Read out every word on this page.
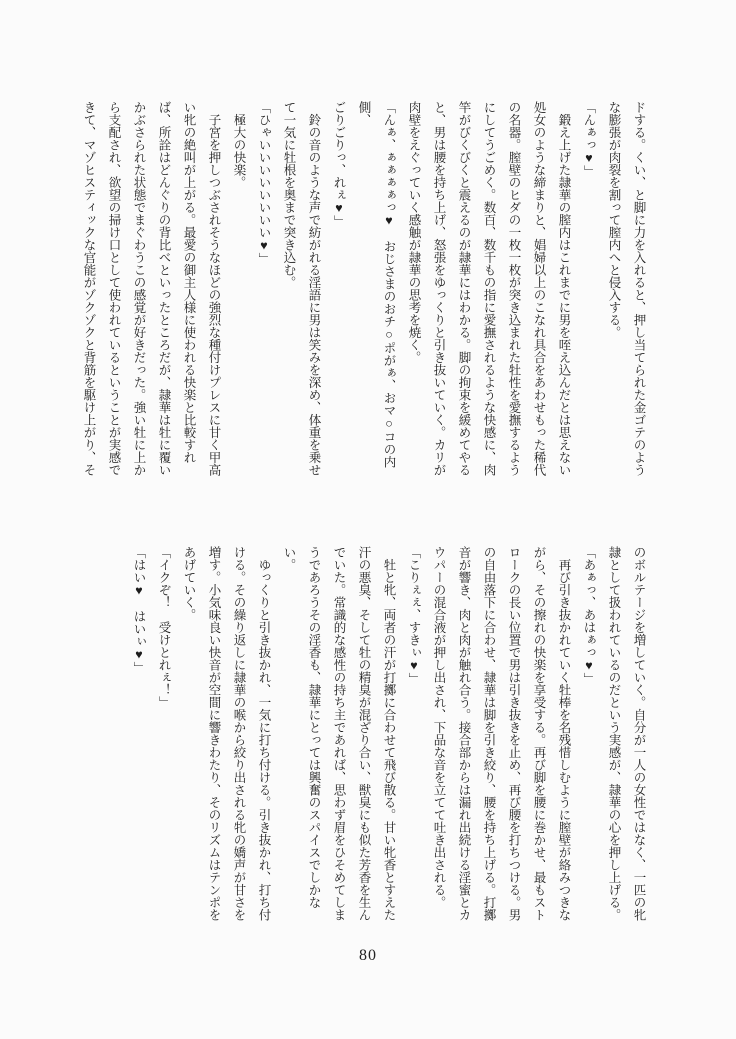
ドする。くい、と脚に力を入れると、押し当てられた金ゴテのよう

な膨張が肉裂を割って膣内へと侵入する。

「んぁっ♥」

　鍛え上げた隷華の膣内はこれまでに男を咥え込んだとは思えない

処女のような締まりと、娼婦以上のこなれ具合をあわせもった稀代

の名器。膣壁のヒダの一枚一枚が突き込まれた牡性を愛撫するよう

にしてうごめく。数百、数千もの指に愛撫されるような快感に、肉

竿がびくびくと震えるのが隷華にはわかる。脚の拘束を緩めてやる

と、男は腰を持ち上げ、怒張をゆっくりと引き抜いていく。カリが

肉壁をえぐっていく感触が隷華の思考を焼く。

「んぁ、ぁぁぁぁっ♥　おじさまのおチ○ポがぁ、おマ○コの内側、

ごりごりっ、れぇ♥」

　鈴の音のような声で紡がれる淫語に男は笑みを深め、体重を乗せ

て一気に牡根を奥まで突き込む。

「ひゃいいいいいいいい♥」

　極大の快楽。

　子宮を押しつぶされそうなほどの強烈な種付けプレスに甘く甲高

い牝の絶叫が上がる。最愛の御主人様に使われる快楽と比較すれ

ば、所詮はどんぐりの背比べといったところだが、隷華は牡に覆い

かぶさられた状態でまぐわうこの感覚が好きだった。強い牡に上か

ら支配され、欲望の掃け口として使われているということが実感で

きて、マゾヒスティックな官能がゾクゾクと背筋を駆け上がり、そ

のボルテージを増していく。自分が一人の女性ではなく、一匹の牝

隷として扱われているのだという実感が、隷華の心を押し上げる。

「あぁっ、あはぁっ♥」

　再び引き抜かれていく牡棒を名残惜しむように膣壁が絡みつきな

がら、その擦れの快楽を享受する。再び脚を腰に巻かせ、最もスト

ロークの長い位置で男は引き抜きを止め、再び腰を打ちつける。男

の自由落下に合わせ、隷華は脚を引き絞り、腰を持ち上げる。打擲

音が響き、肉と肉が触れ合う。接合部からは漏れ出続ける淫蜜とカ

ウパーの混合液が押し出され、下品な音を立てて吐き出される。

「こりぇぇ、すきぃ♥」

　牡と牝、両者の汗が打擲に合わせて飛び散る。甘い牝香とすえた

汗の悪臭、そして牡の精臭が混ざり合い、獣臭にも似た芳香を生ん

でいた。常識的な感性の持ち主であれば、思わず眉をひそめてしま

うであろうその淫香も、隷華にとっては興奮のスパイスでしかな

い。

　ゆっくりと引き抜かれ、一気に打ち付ける。引き抜かれ、打ち付

ける。その繰り返しに隷華の喉から絞り出される牝の嬌声が甘さを

増す。小気味良い快音が空間に響きわたり、そのリズムはテンポを

あげていく。

「イクぞ！　受けとれぇ！」

「はい♥　はいぃ♥」

80
